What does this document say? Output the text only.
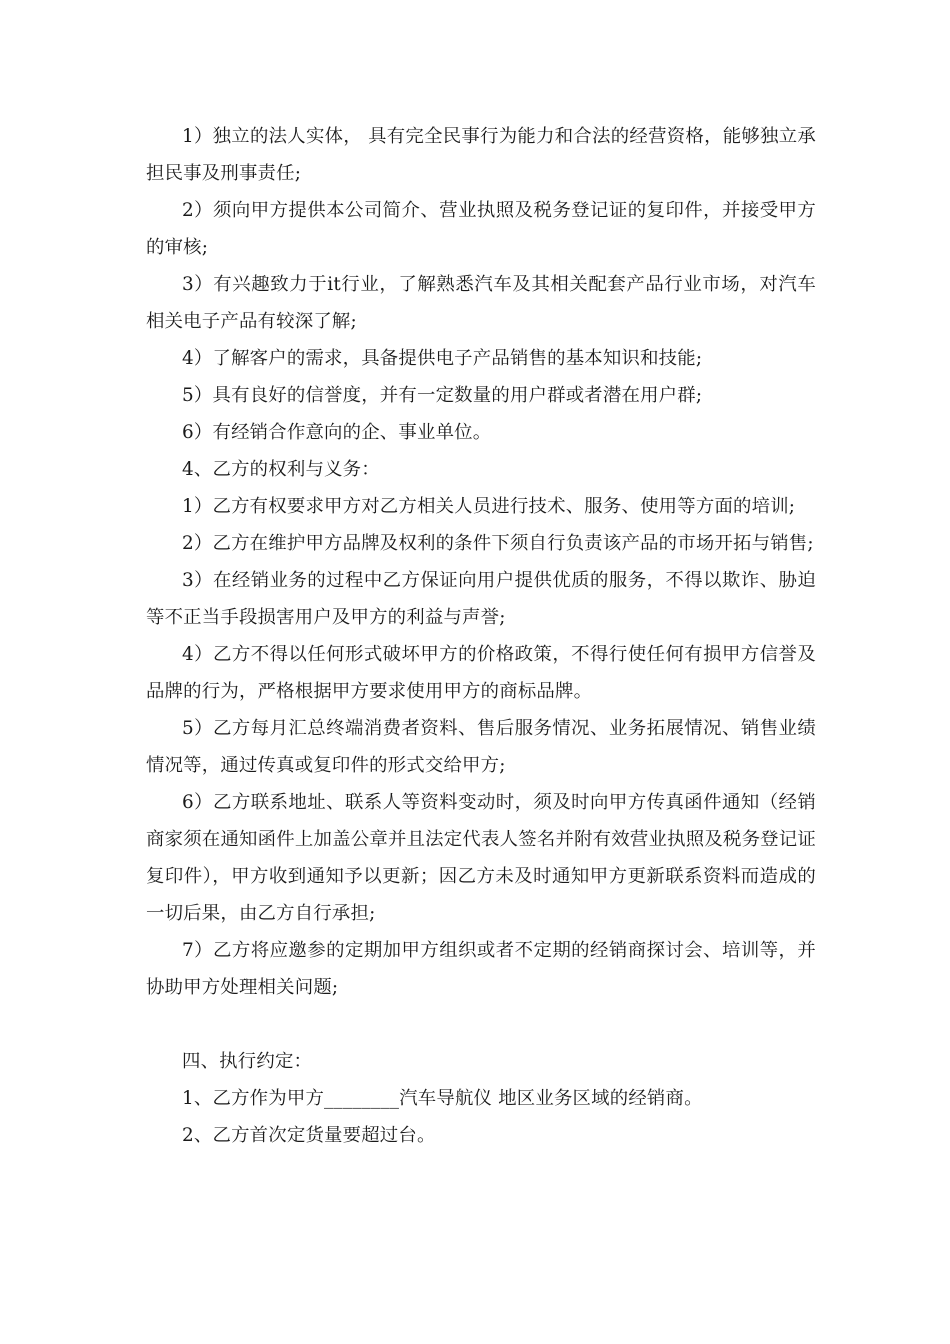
1）独立的法人实体， 具有完全民事行为能力和合法的经营资格，能够独立承担民事及刑事责任;

2）须向甲方提供本公司简介、营业执照及税务登记证的复印件，并接受甲方的审核;

3）有兴趣致力于it行业，了解熟悉汽车及其相关配套产品行业市场，对汽车相关电子产品有较深了解;

4）了解客户的需求，具备提供电子产品销售的基本知识和技能;

5）具有良好的信誉度，并有一定数量的用户群或者潜在用户群;

6）有经销合作意向的企、事业单位。

4、乙方的权利与义务：

1）乙方有权要求甲方对乙方相关人员进行技术、服务、使用等方面的培训;

2）乙方在维护甲方品牌及权利的条件下须自行负责该产品的市场开拓与销售;

3）在经销业务的过程中乙方保证向用户提供优质的服务，不得以欺诈、胁迫等不正当手段损害用户及甲方的利益与声誉;

4）乙方不得以任何形式破坏甲方的价格政策，不得行使任何有损甲方信誉及品牌的行为，严格根据甲方要求使用甲方的商标品牌。

5）乙方每月汇总终端消费者资料、售后服务情况、业务拓展情况、销售业绩情况等，通过传真或复印件的形式交给甲方;

6）乙方联系地址、联系人等资料变动时，须及时向甲方传真函件通知（经销商家须在通知函件上加盖公章并且法定代表人签名并附有效营业执照及税务登记证复印件），甲方收到通知予以更新；因乙方未及时通知甲方更新联系资料而造成的一切后果，由乙方自行承担;

7）乙方将应邀参的定期加甲方组织或者不定期的经销商探讨会、培训等，并协助甲方处理相关问题;

四、执行约定：

1、乙方作为甲方________汽车导航仪 地区业务区域的经销商。

2、乙方首次定货量要超过台。
